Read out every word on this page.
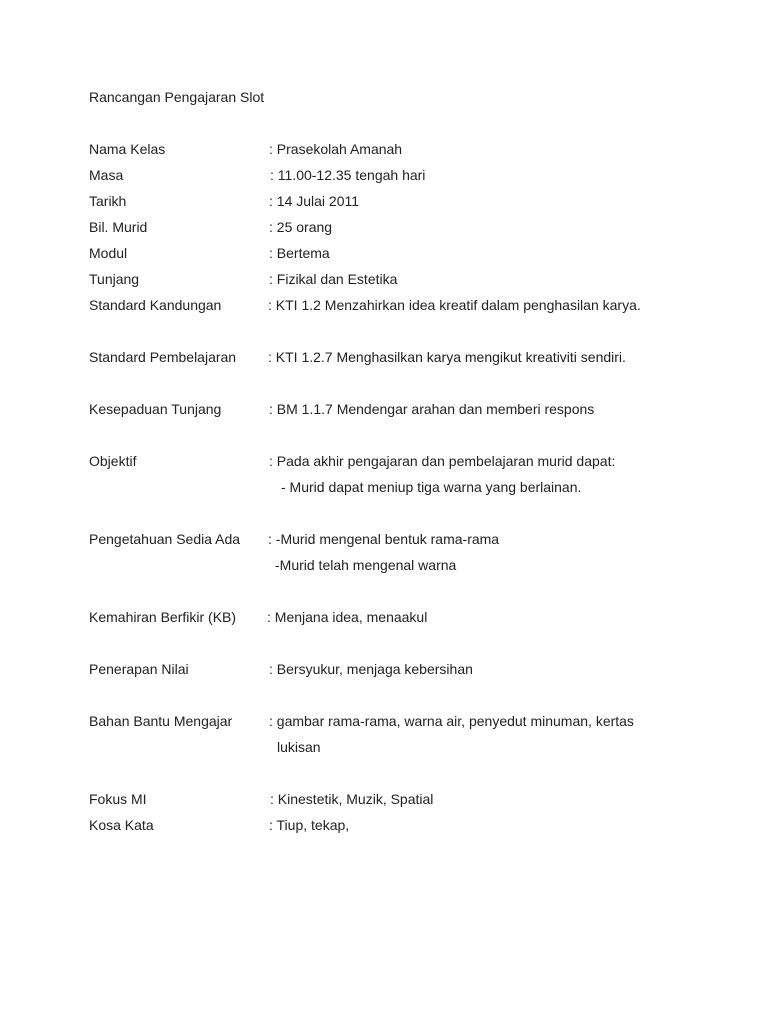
Rancangan Pengajaran Slot
Nama Kelas	: Prasekolah Amanah
Masa	: 11.00-12.35 tengah hari
Tarikh	: 14 Julai 2011
Bil. Murid	: 25 orang
Modul	: Bertema
Tunjang	: Fizikal dan Estetika
Standard Kandungan	: KTI 1.2 Menzahirkan idea kreatif dalam penghasilan karya.
Standard Pembelajaran : KTI 1.2.7 Menghasilkan karya mengikut kreativiti sendiri.
Kesepaduan Tunjang	: BM 1.1.7 Mendengar arahan dan memberi respons
Objektif	: Pada akhir pengajaran dan pembelajaran murid dapat:
- Murid dapat meniup tiga warna yang berlainan.
Pengetahuan Sedia Ada : -Murid mengenal bentuk rama-rama
-Murid telah mengenal warna
Kemahiran Berfikir (KB) : Menjana idea, menaakul
Penerapan Nilai	: Bersyukur, menjaga kebersihan
Bahan Bantu Mengajar	: gambar rama-rama, warna air, penyedut minuman, kertas
lukisan
Fokus MI	: Kinestetik, Muzik, Spatial
Kosa Kata	: Tiup, tekap,
